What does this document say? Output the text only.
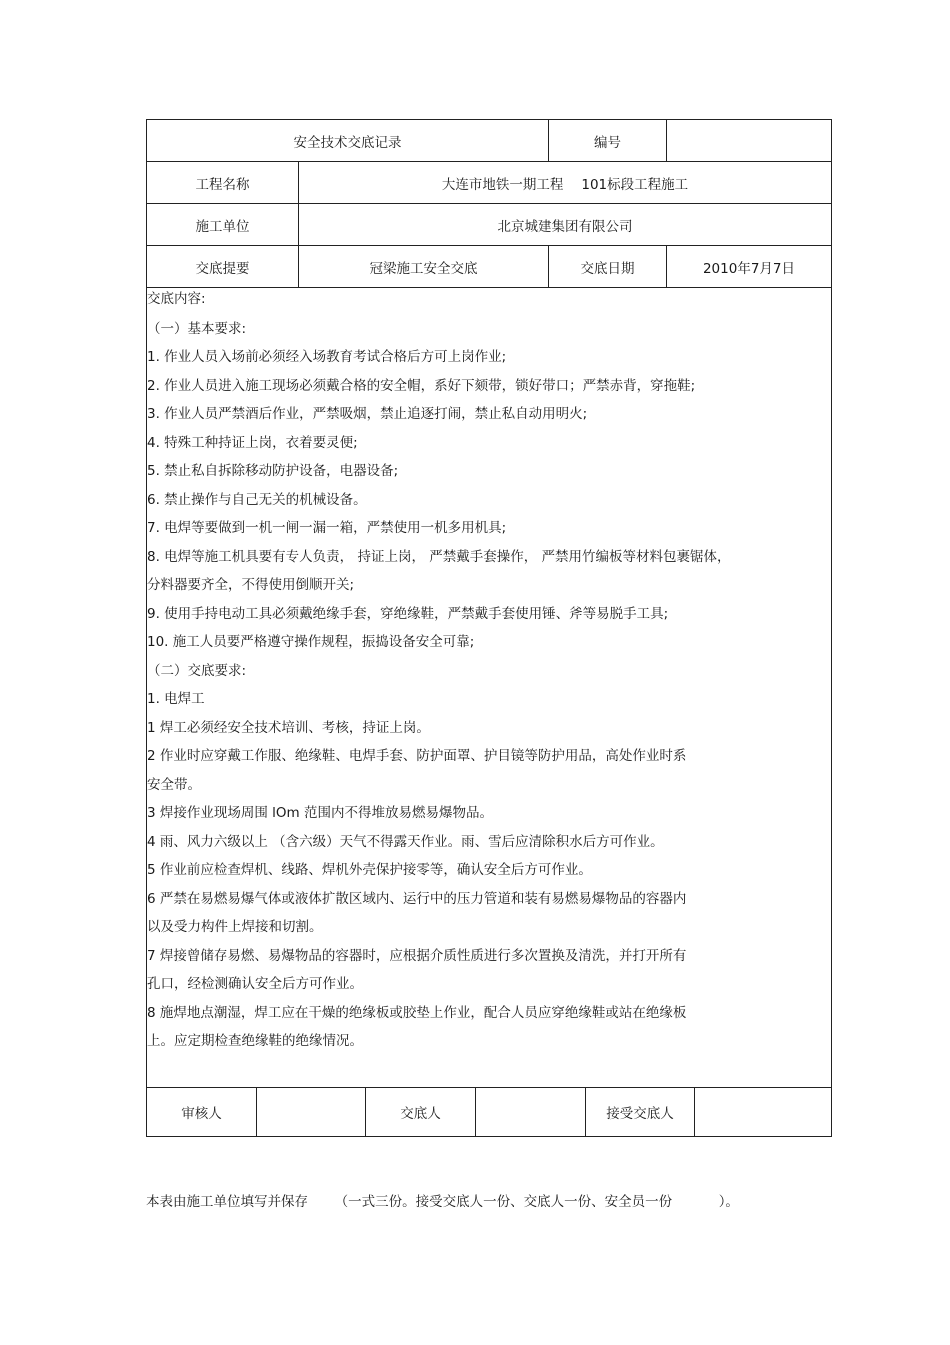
安全技术交底记录	编号
工程名称	大连市地铁一期工程 101标段工程施工
施工单位	北京城建集团有限公司
交底提要	冠梁施工安全交底	交底日期	2010年7月7日
交底内容:
（一）基本要求:
1. 作业人员入场前必须经入场教育考试合格后方可上岗作业;
2. 作业人员进入施工现场必须戴合格的安全帽，系好下颏带，锁好带口；严禁赤背，穿拖鞋;
3. 作业人员严禁酒后作业，严禁吸烟，禁止追逐打闹，禁止私自动用明火;
4. 特殊工种持证上岗，衣着要灵便;
5. 禁止私自拆除移动防护设备，电器设备;
6. 禁止操作与自己无关的机械设备。
7. 电焊等要做到一机一闸一漏一箱，严禁使用一机多用机具;
8. 电焊等施工机具要有专人负责， 持证上岗， 严禁戴手套操作， 严禁用竹编板等材料包裹锯体，
分料器要齐全，不得使用倒顺开关;
9. 使用手持电动工具必须戴绝缘手套，穿绝缘鞋，严禁戴手套使用锤、斧等易脱手工具;
10. 施工人员要严格遵守操作规程，振捣设备安全可靠;
（二）交底要求:
1. 电焊工
1 焊工必须经安全技术培训、考核，持证上岗。
2 作业时应穿戴工作服、绝缘鞋、电焊手套、防护面罩、护目镜等防护用品，高处作业时系
安全带。
3 焊接作业现场周围 lOm 范围内不得堆放易燃易爆物品。
4 雨、风力六级以上 （含六级）天气不得露天作业。雨、雪后应清除积水后方可作业。
5 作业前应检查焊机、线路、焊机外壳保护接零等，确认安全后方可作业。
6 严禁在易燃易爆气体或液体扩散区域内、运行中的压力管道和装有易燃易爆物品的容器内
以及受力构件上焊接和切割。
7 焊接曾储存易燃、易爆物品的容器时，应根据介质性质进行多次置换及清洗，并打开所有
孔口，经检测确认安全后方可作业。
8 施焊地点潮湿，焊工应在干燥的绝缘板或胶垫上作业，配合人员应穿绝缘鞋或站在绝缘板
上。应定期检查绝缘鞋的绝缘情况。
审核人	交底人	接受交底人
本表由施工单位填写并保存 （一式三份。接受交底人一份、交底人一份、安全员一份	）。
